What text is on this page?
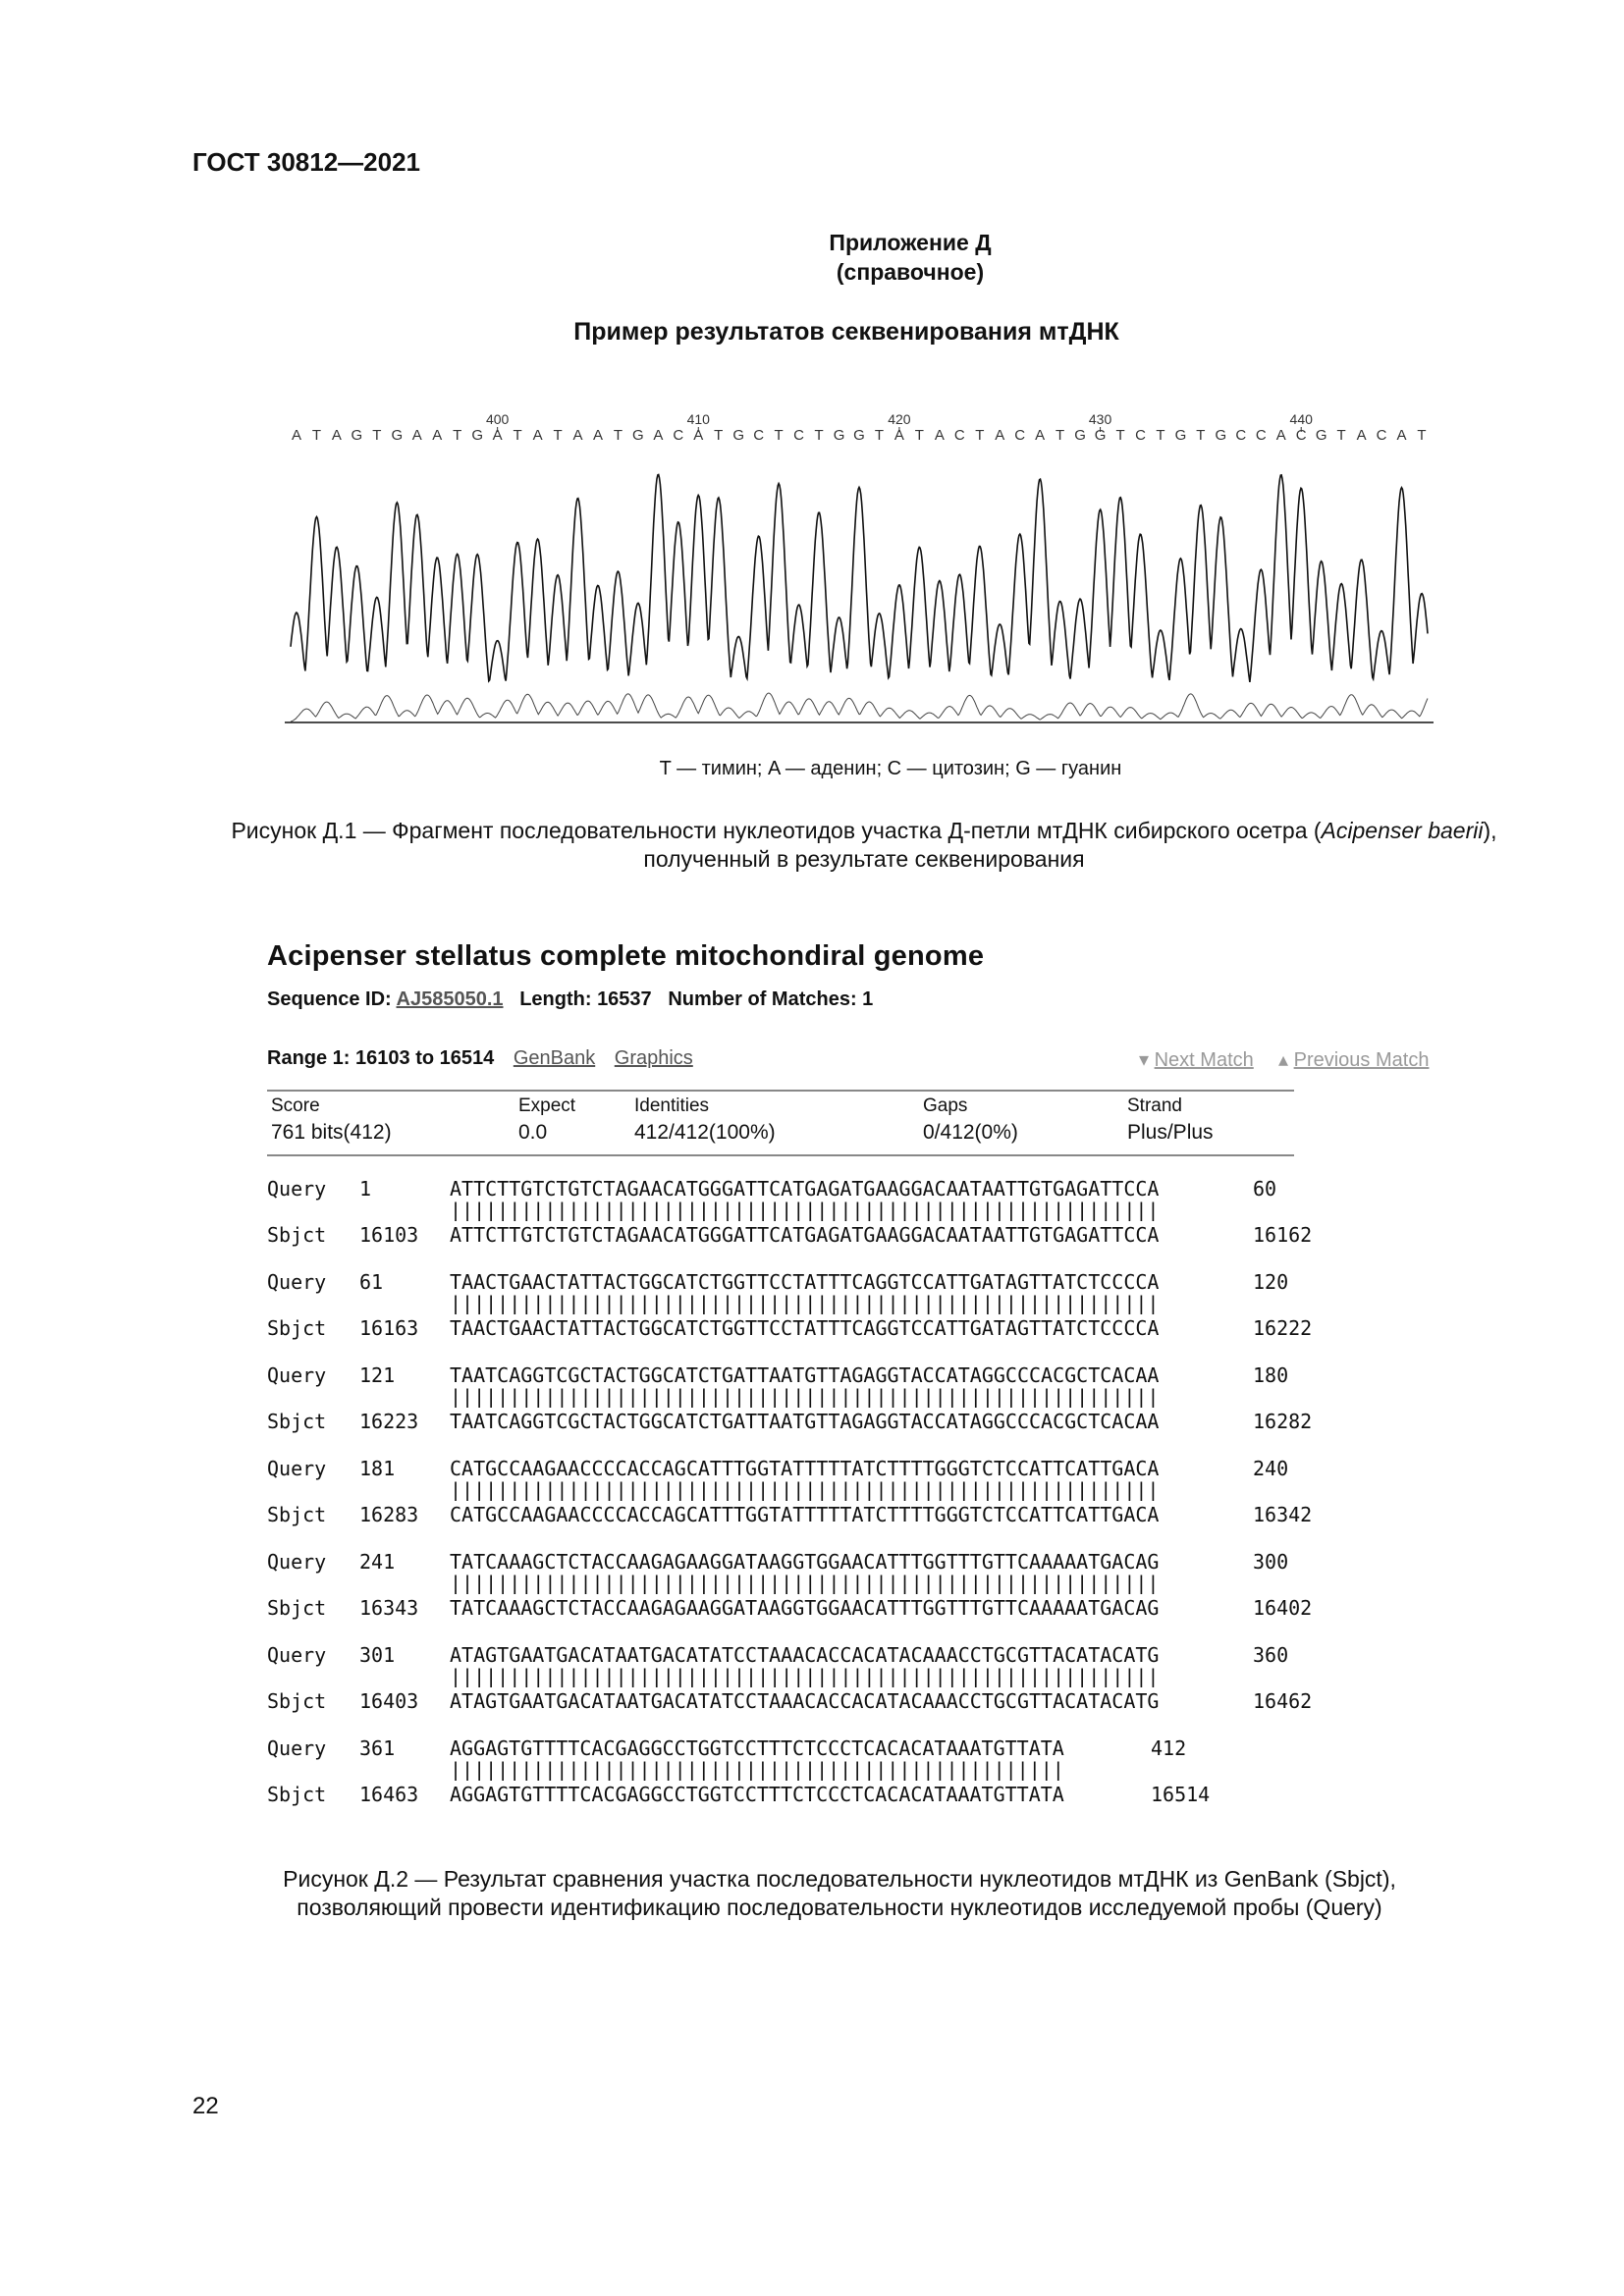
ГОСТ 30812—2021
Приложение Д
(справочное)
Пример результатов секвенирования мтДНК
A T A G T G A A T G A T A T A A T G A C A T G C T C T G G T A T A C T A C A T G G T C T G T G C C A C G T A C A T
400	410	420	430	440
T — тимин; A — аденин; C — цитозин; G — гуанин
Рисунок Д.1 — Фрагмент последовательности нуклеотидов участка Д-петли мтДНК сибирского осетра (Acipenser baerii), полученный в результате секвенирования
Acipenser stellatus complete mitochondiral genome
Sequence ID: AJ585050.1 Length: 16537 Number of Matches: 1
Range 1: 16103 to 16514 GenBank Graphics	▾ Next Match ▴ Previous Match
Score	Expect	Identities	Gaps	Strand
761 bits(412)	0.0	412/412(100%)	0/412(0%)	Plus/Plus
Query 1	ATTCTTGTCTGTCTAGAACATGGGATTCATGAGATGAAGGACAATAATTGTGAGATTCCA	60
||||||||||||||||||||||||||||||||||||||||||||||||||||||||||||
Sbjct 16103 ATTCTTGTCTGTCTAGAACATGGGATTCATGAGATGAAGGACAATAATTGTGAGATTCCA	16162
Query 61	TAACTGAACTATTACTGGCATCTGGTTCCTATTTCAGGTCCATTGATAGTTATCTCCCCA	120
||||||||||||||||||||||||||||||||||||||||||||||||||||||||||||
Sbjct 16163 TAACTGAACTATTACTGGCATCTGGTTCCTATTTCAGGTCCATTGATAGTTATCTCCCCA	16222
Query 121	TAATCAGGTCGCTACTGGCATCTGATTAATGTTAGAGGTACCATAGGCCCACGCTCACAA	180
||||||||||||||||||||||||||||||||||||||||||||||||||||||||||||
Sbjct 16223 TAATCAGGTCGCTACTGGCATCTGATTAATGTTAGAGGTACCATAGGCCCACGCTCACAA	16282
Query 181	CATGCCAAGAACCCCACCAGCATTTGGTATTTTTATCTTTTGGGTCTCCATTCATTGACA	240
||||||||||||||||||||||||||||||||||||||||||||||||||||||||||||
Sbjct 16283 CATGCCAAGAACCCCACCAGCATTTGGTATTTTTATCTTTTGGGTCTCCATTCATTGACA	16342
Query 241	TATCAAAGCTCTACCAAGAGAAGGATAAGGTGGAACATTTGGTTTGTTCAAAAATGACAG	300
||||||||||||||||||||||||||||||||||||||||||||||||||||||||||||
Sbjct 16343 TATCAAAGCTCTACCAAGAGAAGGATAAGGTGGAACATTTGGTTTGTTCAAAAATGACAG	16402
Query 301	ATAGTGAATGACATAATGACATATCCTAAACACCACATACAAACCTGCGTTACATACATG	360
||||||||||||||||||||||||||||||||||||||||||||||||||||||||||||
Sbjct 16403 ATAGTGAATGACATAATGACATATCCTAAACACCACATACAAACCTGCGTTACATACATG	16462
Query 361	AGGAGTGTTTTCACGAGGCCTGGTCCTTTCTCCCTCACACATAAATGTTATA	412
||||||||||||||||||||||||||||||||||||||||||||||||||||
Sbjct 16463 AGGAGTGTTTTCACGAGGCCTGGTCCTTTCTCCCTCACACATAAATGTTATA	16514
Рисунок Д.2 — Результат сравнения участка последовательности нуклеотидов мтДНК из GenBank (Sbjct),
позволяющий провести идентификацию последовательности нуклеотидов исследуемой пробы (Query)
22
